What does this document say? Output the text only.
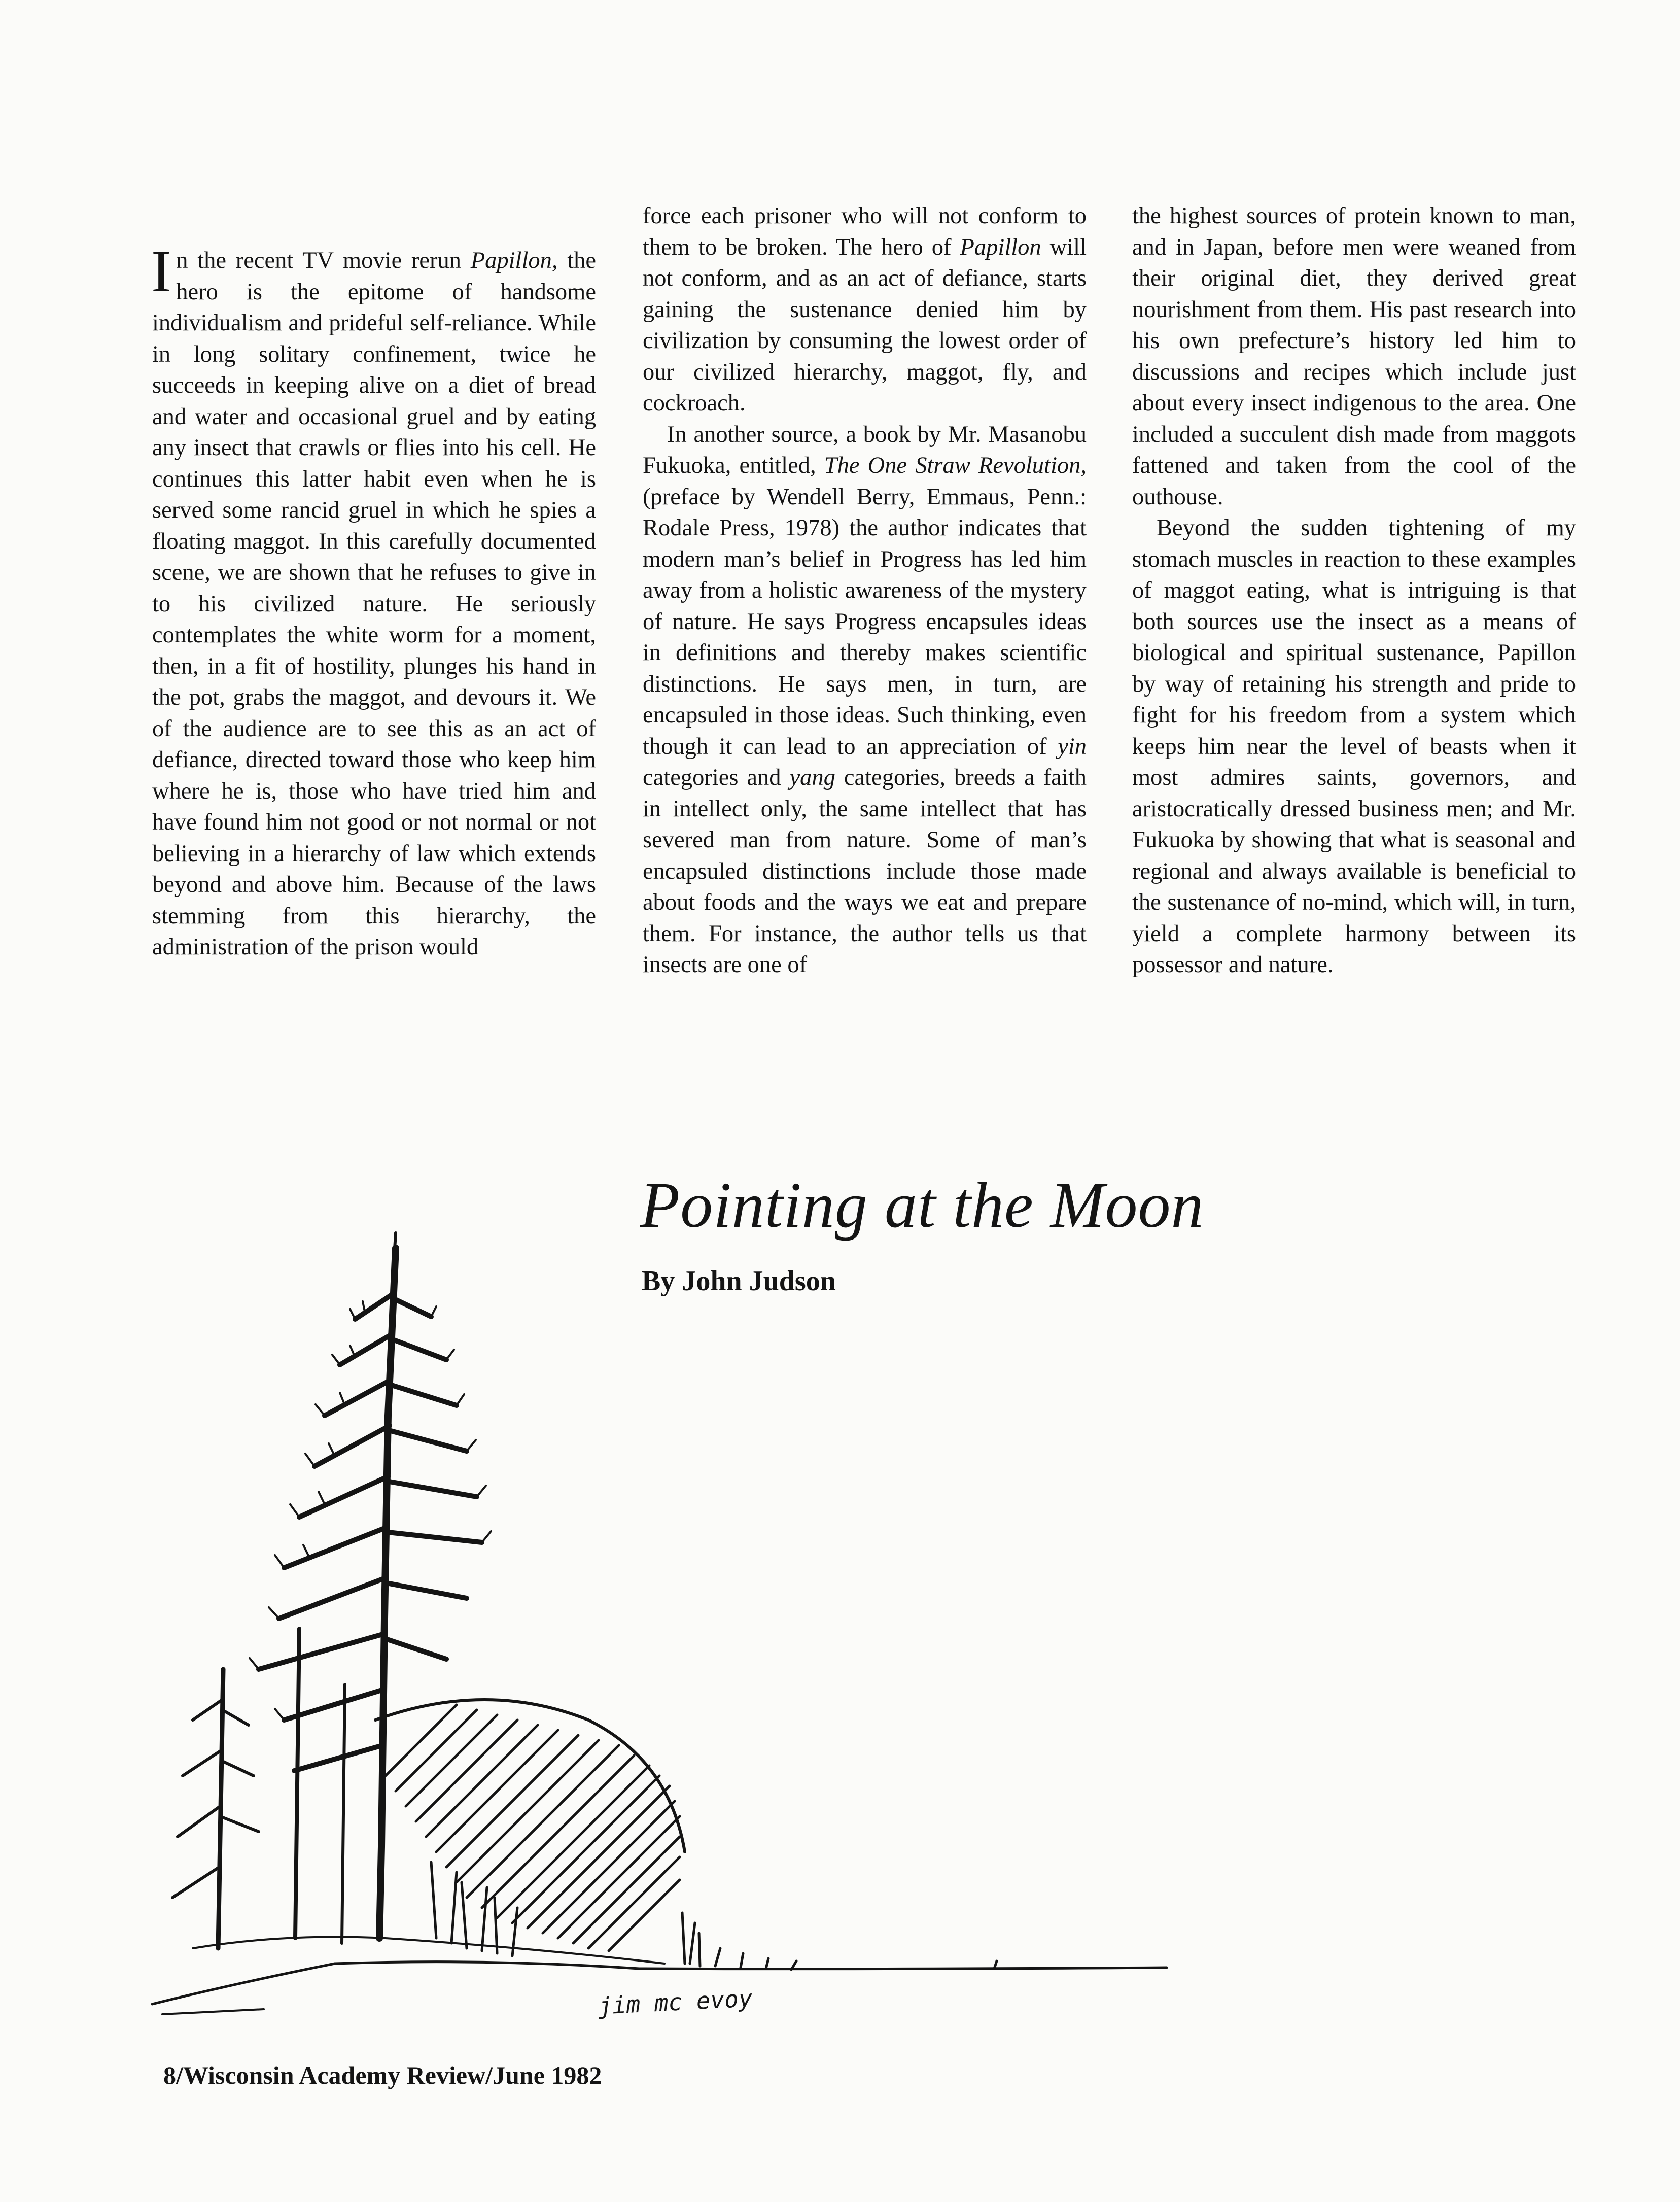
In the recent TV movie rerun Papillon, the hero is the epitome of handsome individualism and prideful self-reliance. While in long solitary confinement, twice he succeeds in keeping alive on a diet of bread and water and occasional gruel and by eating any insect that crawls or flies into his cell. He continues this latter habit even when he is served some rancid gruel in which he spies a floating maggot. In this carefully documented scene, we are shown that he refuses to give in to his civilized nature. He seriously contemplates the white worm for a moment, then, in a fit of hostility, plunges his hand in the pot, grabs the maggot, and devours it. We of the audience are to see this as an act of defiance, directed toward those who keep him where he is, those who have tried him and have found him not good or not normal or not believing in a hierarchy of law which extends beyond and above him. Because of the laws stemming from this hierarchy, the administration of the prison would

force each prisoner who will not conform to them to be broken. The hero of Papillon will not conform, and as an act of defiance, starts gaining the sustenance denied him by civilization by consuming the lowest order of our civilized hierarchy, maggot, fly, and cockroach.

In another source, a book by Mr. Masanobu Fukuoka, entitled, The One Straw Revolution, (preface by Wendell Berry, Emmaus, Penn.: Rodale Press, 1978) the author indicates that modern man’s belief in Progress has led him away from a holistic awareness of the mystery of nature. He says Progress encapsules ideas in definitions and thereby makes scientific distinctions. He says men, in turn, are encapsuled in those ideas. Such thinking, even though it can lead to an appreciation of yin categories and yang categories, breeds a faith in intellect only, the same intellect that has severed man from nature. Some of man’s encapsuled distinctions include those made about foods and the ways we eat and prepare them. For instance, the author tells us that insects are one of

the highest sources of protein known to man, and in Japan, before men were weaned from their original diet, they derived great nourishment from them. His past research into his own prefecture’s history led him to discussions and recipes which include just about every insect indigenous to the area. One included a succulent dish made from maggots fattened and taken from the cool of the outhouse.

Beyond the sudden tightening of my stomach muscles in reaction to these examples of maggot eating, what is intriguing is that both sources use the insect as a means of biological and spiritual sustenance, Papillon by way of retaining his strength and pride to fight for his freedom from a system which keeps him near the level of beasts when it most admires saints, governors, and aristocratically dressed business men; and Mr. Fukuoka by showing that what is seasonal and regional and always available is beneficial to the sustenance of no-mind, which will, in turn, yield a complete harmony between its possessor and nature.

jim mc evoy
Pointing at the Moon
By John Judson
8/Wisconsin Academy Review/June 1982
